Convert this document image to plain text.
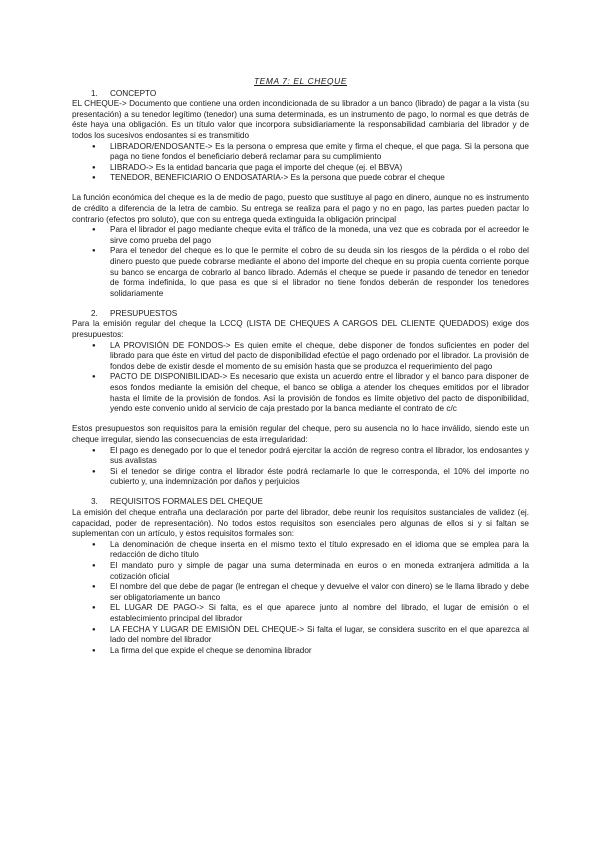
TEMA 7: EL CHEQUE
1. CONCEPTO

EL CHEQUE-> Documento que contiene una orden incondicionada de su librador a un banco (librado) de pagar a la vista (su presentación) a su tenedor legítimo (tenedor) una suma determinada, es un instrumento de pago, lo normal es que detrás de éste haya una obligación. Es un título valor que incorpora subsidiariamente la responsabilidad cambiaria del librador y de todos los sucesivos endosantes si es transmitido

● LIBRADOR/ENDOSANTE-> Es la persona o empresa que emite y firma el cheque, el que paga. Si la persona que paga no tiene fondos el beneficiario deberá reclamar para su cumplimiento
● LIBRADO-> Es la entidad bancaria que paga el importe del cheque (ej. el BBVA)
● TENEDOR, BENEFICIARIO O ENDOSATARIA-> Es la persona que puede cobrar el cheque

La función económica del cheque es la de medio de pago, puesto que sustituye al pago en dinero, aunque no es instrumento de crédito a diferencia de la letra de cambio. Su entrega se realiza para el pago y no en pago, las partes pueden pactar lo contrario (efectos pro soluto), que con su entrega queda extinguida la obligación principal

● Para el librador el pago mediante cheque evita el tráfico de la moneda, una vez que es cobrada por el acreedor le sirve como prueba del pago
● Para el tenedor del cheque es lo que le permite el cobro de su deuda sin los riesgos de la pérdida o el robo del dinero puesto que puede cobrarse mediante el abono del importe del cheque en su propia cuenta corriente porque su banco se encarga de cobrarlo al banco librado. Además el cheque se puede ir pasando de tenedor en tenedor de forma indefinida, lo que pasa es que si el librador no tiene fondos deberán de responder los tenedores solidariamente
2. PRESUPUESTOS

Para la emisión regular del cheque la LCCQ (LISTA DE CHEQUES A CARGOS DEL CLIENTE QUEDADOS) exige dos presupuestos:

● LA PROVISIÓN DE FONDOS-> Es quien emite el cheque, debe disponer de fondos suficientes en poder del librado para que éste en virtud del pacto de disponibilidad efectúe el pago ordenado por el librador. La provisión de fondos debe de existir desde el momento de su emisión hasta que se produzca el requerimiento del pago
● PACTO DE DISPONIBILIDAD-> Es necesario que exista un acuerdo entre el librador y el banco para disponer de esos fondos mediante la emisión del cheque, el banco se obliga a atender los cheques emitidos por el librador hasta el límite de la provisión de fondos. Así la provisión de fondos es límite objetivo del pacto de disponibilidad, yendo este convenio unido al servicio de caja prestado por la banca mediante el contrato de c/c

Estos presupuestos son requisitos para la emisión regular del cheque, pero su ausencia no lo hace inválido, siendo este un cheque irregular, siendo las consecuencias de esta irregularidad:

● El pago es denegado por lo que el tenedor podrá ejercitar la acción de regreso contra el librador, los endosantes y sus avalistas
● Si el tenedor se dirige contra el librador éste podrá reclamarle lo que le corresponda, el 10% del importe no cubierto y, una indemnización por daños y perjuicios
3. REQUISITOS FORMALES DEL CHEQUE

La emisión del cheque entraña una declaración por parte del librador, debe reunir los requisitos sustanciales de validez (ej. capacidad, poder de representación). No todos estos requisitos son esenciales pero algunas de ellos si y si faltan se suplementan con un artículo, y estos requisitos formales son:

● La denominación de cheque inserta en el mismo texto el título expresado en el idioma que se emplea para la redacción de dicho título
● El mandato puro y simple de pagar una suma determinada en euros o en moneda extranjera admitida a la cotización oficial
● El nombre del que debe de pagar (le entregan el cheque y devuelve el valor con dinero) se le llama librado y debe ser obligatoriamente un banco
● EL LUGAR DE PAGO-> Si falta, es el que aparece junto al nombre del librado, el lugar de emisión o el establecimiento principal del librador
● LA FECHA Y LUGAR DE EMISIÓN DEL CHEQUE-> Si falta el lugar, se considera suscrito en el que aparezca al lado del nombre del librador
● La firma del que expide el cheque se denomina librador
